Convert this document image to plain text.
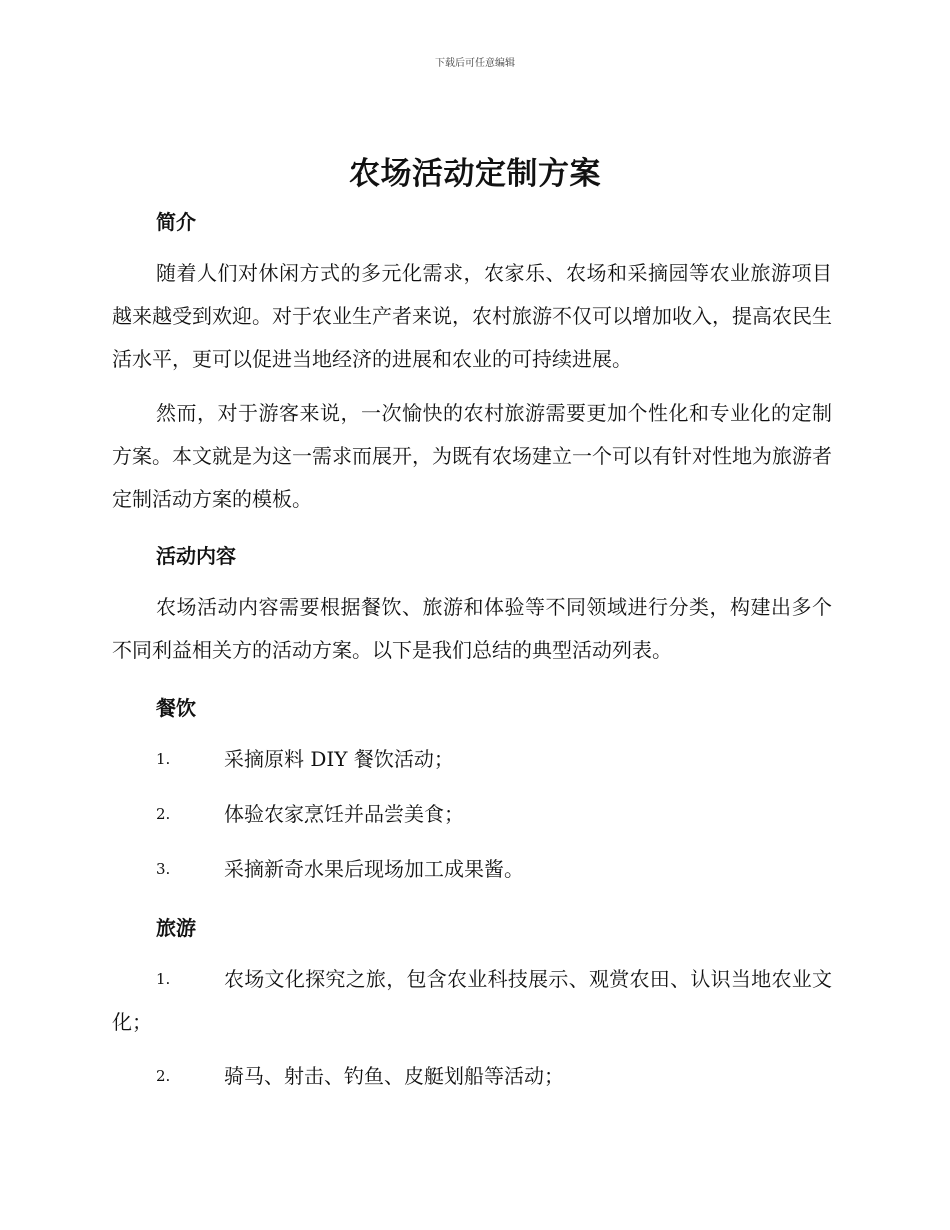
下载后可任意编辑
农场活动定制方案
简介
随着人们对休闲方式的多元化需求，农家乐、农场和采摘园等农业旅游项目越来越受到欢迎。对于农业生产者来说，农村旅游不仅可以增加收入，提高农民生活水平，更可以促进当地经济的进展和农业的可持续进展。
然而，对于游客来说，一次愉快的农村旅游需要更加个性化和专业化的定制方案。本文就是为这一需求而展开，为既有农场建立一个可以有针对性地为旅游者定制活动方案的模板。
活动内容
农场活动内容需要根据餐饮、旅游和体验等不同领域进行分类，构建出多个不同利益相关方的活动方案。以下是我们总结的典型活动列表。
餐饮
1.	采摘原料 DIY 餐饮活动；
2.	体验农家烹饪并品尝美食；
3.	采摘新奇水果后现场加工成果酱。
旅游
1.	农场文化探究之旅，包含农业科技展示、观赏农田、认识当地农业文化；
2.	骑马、射击、钓鱼、皮艇划船等活动；
